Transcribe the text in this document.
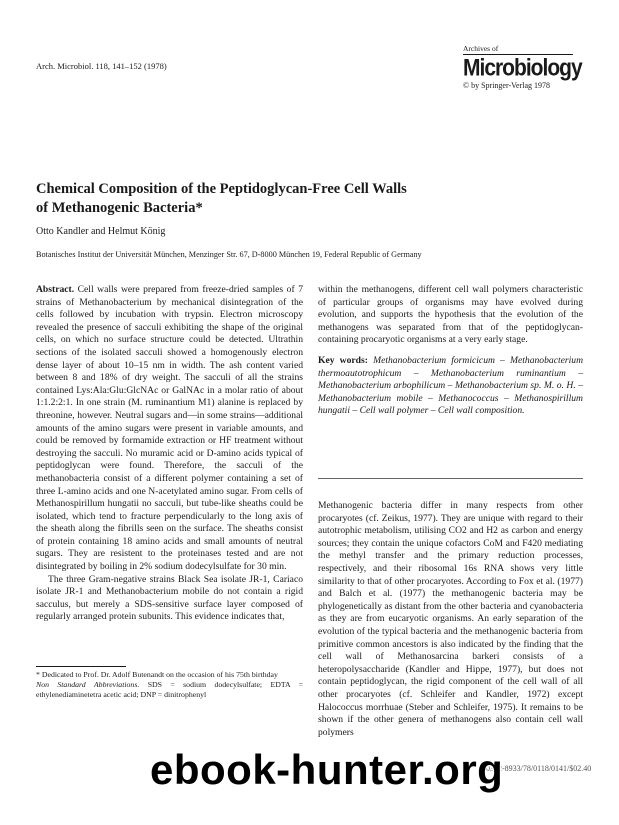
Arch. Microbiol. 118, 141–152 (1978)
Archives of
Microbiology
© by Springer-Verlag 1978
Chemical Composition of the Peptidoglycan-Free Cell Walls
of Methanogenic Bacteria*
Otto Kandler and Helmut König
Botanisches Institut der Universität München, Menzinger Str. 67, D-8000 München 19, Federal Republic of Germany

Abstract. Cell walls were prepared from freeze-dried samples of 7 strains of Methanobacterium by mechanical disintegration of the cells followed by incubation with trypsin. Electron microscopy revealed the presence of sacculi exhibiting the shape of the original cells, on which no surface structure could be detected. Ultrathin sections of the isolated sacculi showed a homogenously electron dense layer of about 10–15 nm in width. The ash content varied between 8 and 18% of dry weight. The sacculi of all the strains contained Lys:Ala:Glu:GlcNAc or GalNAc in a molar ratio of about 1:1.2:2:1. In one strain (M. ruminantium M1) alanine is replaced by threonine, however. Neutral sugars and—in some strains—additional amounts of the amino sugars were present in variable amounts, and could be removed by formamide extraction or HF treatment without destroying the sacculi. No muramic acid or D-amino acids typical of peptidoglycan were found. Therefore, the sacculi of the methanobacteria consist of a different polymer containing a set of three L-amino acids and one N-acetylated amino sugar. From cells of Methanospirillum hungatii no sacculi, but tube-like sheaths could be isolated, which tend to fracture perpendicularly to the long axis of the sheath along the fibrills seen on the surface. The sheaths consist of protein containing 18 amino acids and small amounts of neutral sugars. They are resistent to the proteinases tested and are not disintegrated by boiling in 2% sodium dodecylsulfate for 30 min.

The three Gram-negative strains Black Sea isolate JR-1, Cariaco isolate JR-1 and Methanobacterium mobile do not contain a rigid sacculus, but merely a SDS-sensitive surface layer composed of regularly arranged protein subunits. This evidence indicates that,

within the methanogens, different cell wall polymers characteristic of particular groups of organisms may have evolved during evolution, and supports the hypothesis that the evolution of the methanogens was separated from that of the peptidoglycan-containing procaryotic organisms at a very early stage.

Key words: Methanobacterium formicicum – Methanobacterium thermoautotrophicum – Methanobacterium ruminantium – Methanobacterium arbophilicum – Methanobacterium sp. M. o. H. – Methanobacterium mobile – Methanococcus – Methanospirillum hungatii – Cell wall polymer – Cell wall composition.

Methanogenic bacteria differ in many respects from other procaryotes (cf. Zeikus, 1977). They are unique with regard to their autotrophic metabolism, utilising CO2 and H2 as carbon and energy sources; they contain the unique cofactors CoM and F420 mediating the methyl transfer and the primary reduction processes, respectively, and their ribosomal 16s RNA shows very little similarity to that of other procaryotes. According to Fox et al. (1977) and Balch et al. (1977) the methanogenic bacteria may be phylogenetically as distant from the other bacteria and cyanobacteria as they are from eucaryotic organisms. An early separation of the evolution of the typical bacteria and the methanogenic bacteria from primitive common ancestors is also indicated by the finding that the cell wall of Methanosarcina barkeri consists of a heteropolysaccharide (Kandler and Hippe, 1977), but does not contain peptidoglycan, the rigid component of the cell wall of all other procaryotes (cf. Schleifer and Kandler, 1972) except Halococcus morrhuae (Steber and Schleifer, 1975). It remains to be shown if the other genera of methanogens also contain cell wall polymers

* Dedicated to Prof. Dr. Adolf Butenandt on the occasion of his 75th birthday

Non Standard Abbreviations. SDS = sodium dodecylsulfate; EDTA = ethylenediaminetetra acetic acid; DNP = dinitrophenyl

0302-8933/78/0118/0141/$02.40
ebook-hunter.org
